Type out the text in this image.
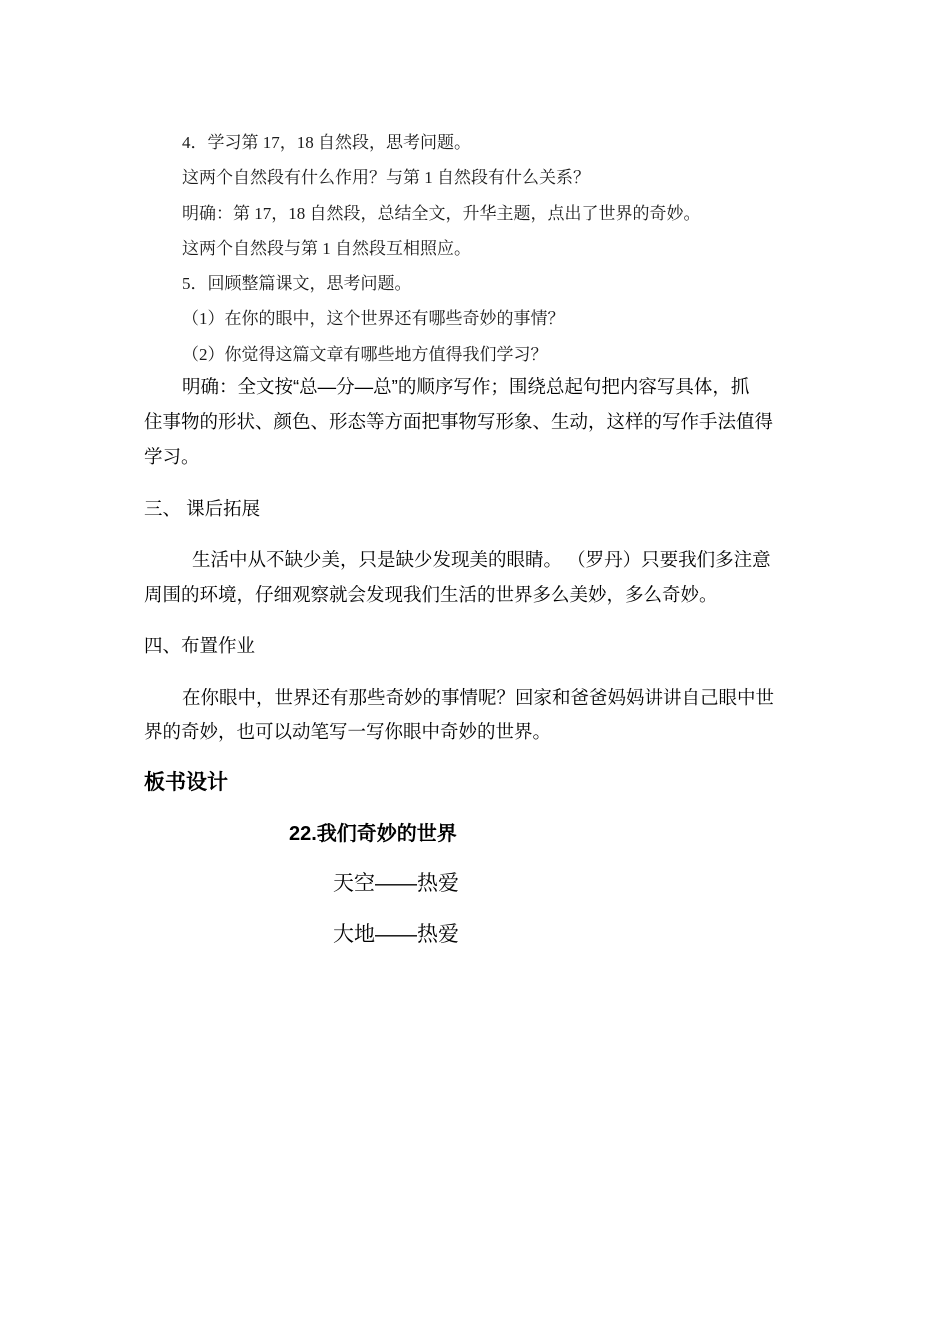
4．学习第 17，18 自然段，思考问题。

这两个自然段有什么作用？与第 1 自然段有什么关系？

明确：第 17，18 自然段，总结全文，升华主题，点出了世界的奇妙。

这两个自然段与第 1 自然段互相照应。

5．回顾整篇课文，思考问题。

（1）在你的眼中，这个世界还有哪些奇妙的事情？

（2）你觉得这篇文章有哪些地方值得我们学习？

明确：全文按“总—分—总”的顺序写作；围绕总起句把内容写具体，抓

住事物的形状、颜色、形态等方面把事物写形象、生动，这样的写作手法值得

学习。

三、 课后拓展

生活中从不缺少美，只是缺少发现美的眼睛。 （罗丹）只要我们多注意

周围的环境，仔细观察就会发现我们生活的世界多么美妙，多么奇妙。

四、布置作业

在你眼中，世界还有那些奇妙的事情呢？回家和爸爸妈妈讲讲自己眼中世

界的奇妙，也可以动笔写一写你眼中奇妙的世界。

板书设计

22.我们奇妙的世界

天空——热爱

大地——热爱
